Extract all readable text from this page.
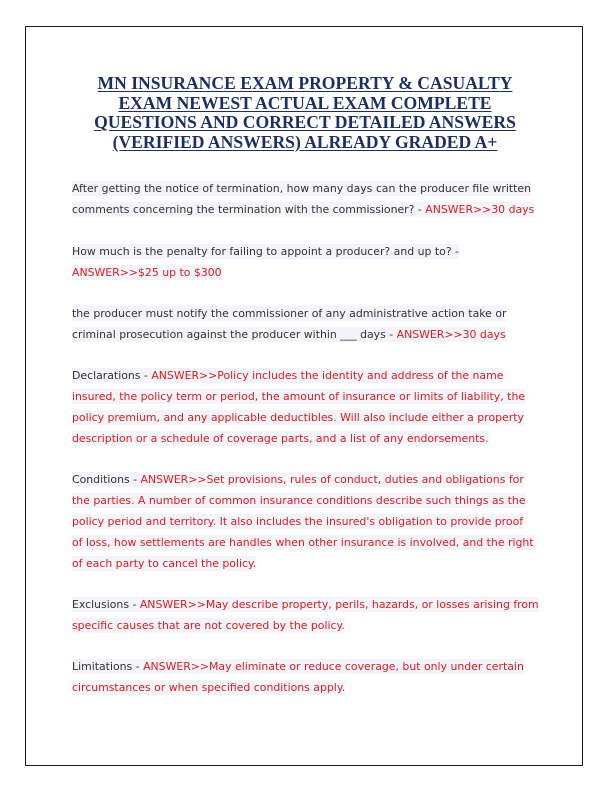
MN INSURANCE EXAM PROPERTY & CASUALTY
EXAM NEWEST ACTUAL EXAM COMPLETE
QUESTIONS AND CORRECT DETAILED ANSWERS
(VERIFIED ANSWERS) ALREADY GRADED A+
After getting the notice of termination, how many days can the producer file written
comments concerning the termination with the commissioner? - ANSWER>>30 days
How much is the penalty for failing to appoint a producer? and up to? -
ANSWER>>$25 up to $300
the producer must notify the commissioner of any administrative action take or
criminal prosecution against the producer within ___ days - ANSWER>>30 days
Declarations - ANSWER>>Policy includes the identity and address of the name
insured, the policy term or period, the amount of insurance or limits of liability, the
policy premium, and any applicable deductibles. Will also include either a property
description or a schedule of coverage parts, and a list of any endorsements.
Conditions - ANSWER>>Set provisions, rules of conduct, duties and obligations for
the parties. A number of common insurance conditions describe such things as the
policy period and territory. It also includes the insured's obligation to provide proof
of loss, how settlements are handles when other insurance is involved, and the right
of each party to cancel the policy.
Exclusions - ANSWER>>May describe property, perils, hazards, or losses arising from
specific causes that are not covered by the policy.
Limitations - ANSWER>>May eliminate or reduce coverage, but only under certain
circumstances or when specified conditions apply.
